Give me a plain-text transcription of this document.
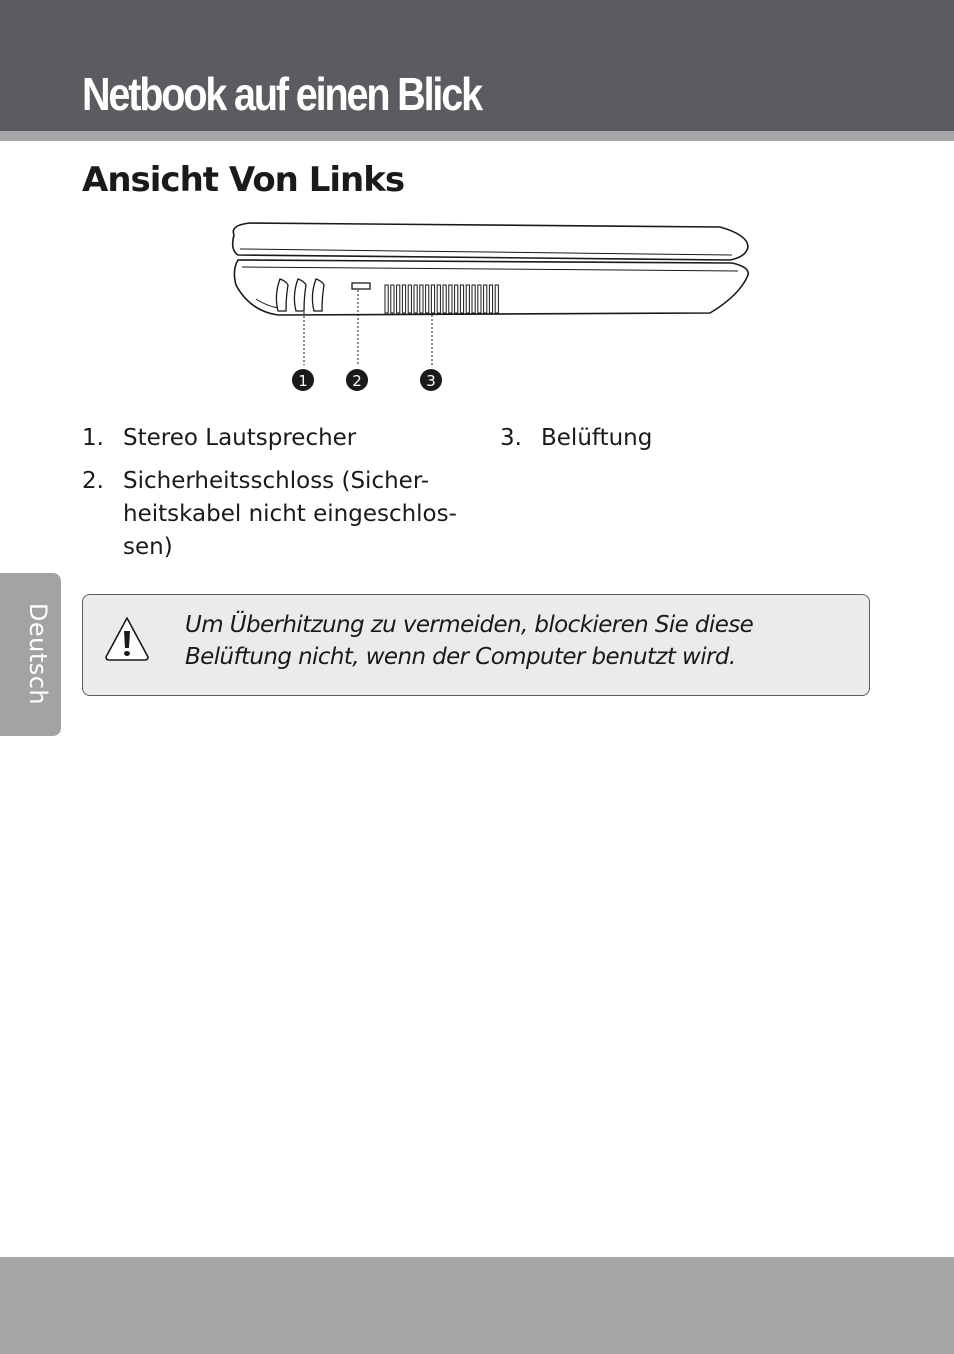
Netbook auf einen Blick
Ansicht Von Links
Deutsch
1	2	3
1. Stereo Lautsprecher
2. Sicherheitsschloss (Sicher-heitskabel nicht eingeschlos-sen)
3. Belüftung

Um Überhitzung zu vermeiden, blockieren Sie diese Belüftung nicht, wenn der Computer benutzt wird.
